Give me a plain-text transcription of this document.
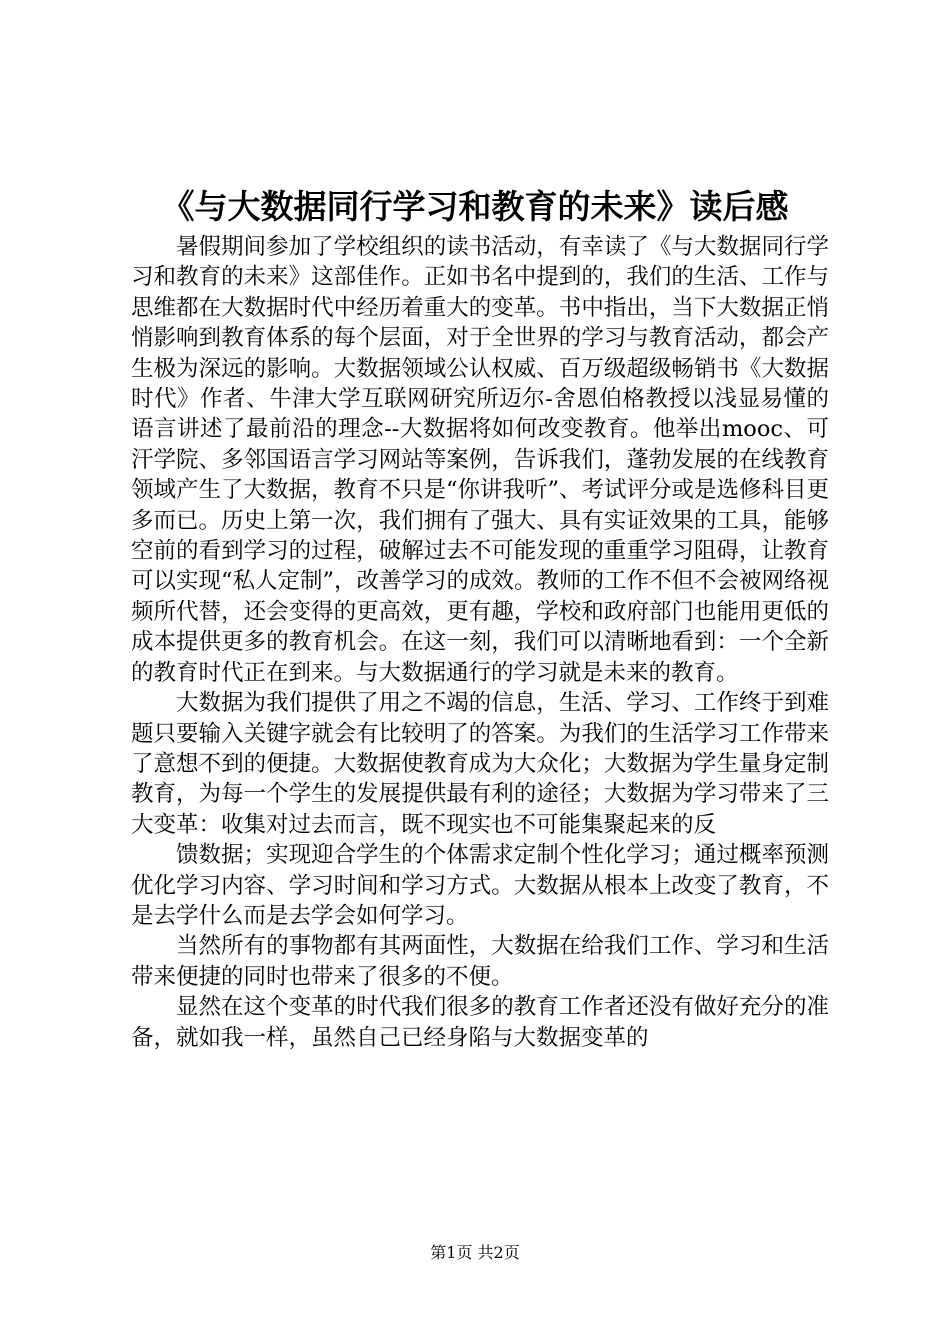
《与大数据同行学习和教育的未来》读后感

暑假期间参加了学校组织的读书活动，有幸读了《与大数据同行学习和教育的未来》这部佳作。正如书名中提到的，我们的生活、工作与思维都在大数据时代中经历着重大的变革。书中指出，当下大数据正悄悄影响到教育体系的每个层面，对于全世界的学习与教育活动，都会产生极为深远的影响。大数据领域公认权威、百万级超级畅销书《大数据时代》作者、牛津大学互联网研究所迈尔-舍恩伯格教授以浅显易懂的语言讲述了最前沿的理念--大数据将如何改变教育。他举出mooc、可汗学院、多邻国语言学习网站等案例，告诉我们，蓬勃发展的在线教育领域产生了大数据，教育不只是“你讲我听”、考试评分或是选修科目更多而已。历史上第一次，我们拥有了强大、具有实证效果的工具，能够空前的看到学习的过程，破解过去不可能发现的重重学习阻碍，让教育可以实现“私人定制”，改善学习的成效。教师的工作不但不会被网络视频所代替，还会变得的更高效，更有趣，学校和政府部门也能用更低的成本提供更多的教育机会。在这一刻，我们可以清晰地看到：一个全新的教育时代正在到来。与大数据通行的学习就是未来的教育。

大数据为我们提供了用之不竭的信息，生活、学习、工作终于到难题只要输入关键字就会有比较明了的答案。为我们的生活学习工作带来了意想不到的便捷。大数据使教育成为大众化；大数据为学生量身定制教育，为每一个学生的发展提供最有利的途径；大数据为学习带来了三大变革：收集对过去而言，既不现实也不可能集聚起来的反

馈数据；实现迎合学生的个体需求定制个性化学习；通过概率预测优化学习内容、学习时间和学习方式。大数据从根本上改变了教育，不是去学什么而是去学会如何学习。

当然所有的事物都有其两面性，大数据在给我们工作、学习和生活带来便捷的同时也带来了很多的不便。

显然在这个变革的时代我们很多的教育工作者还没有做好充分的准备，就如我一样，虽然自己已经身陷与大数据变革的

第1页 共2页
